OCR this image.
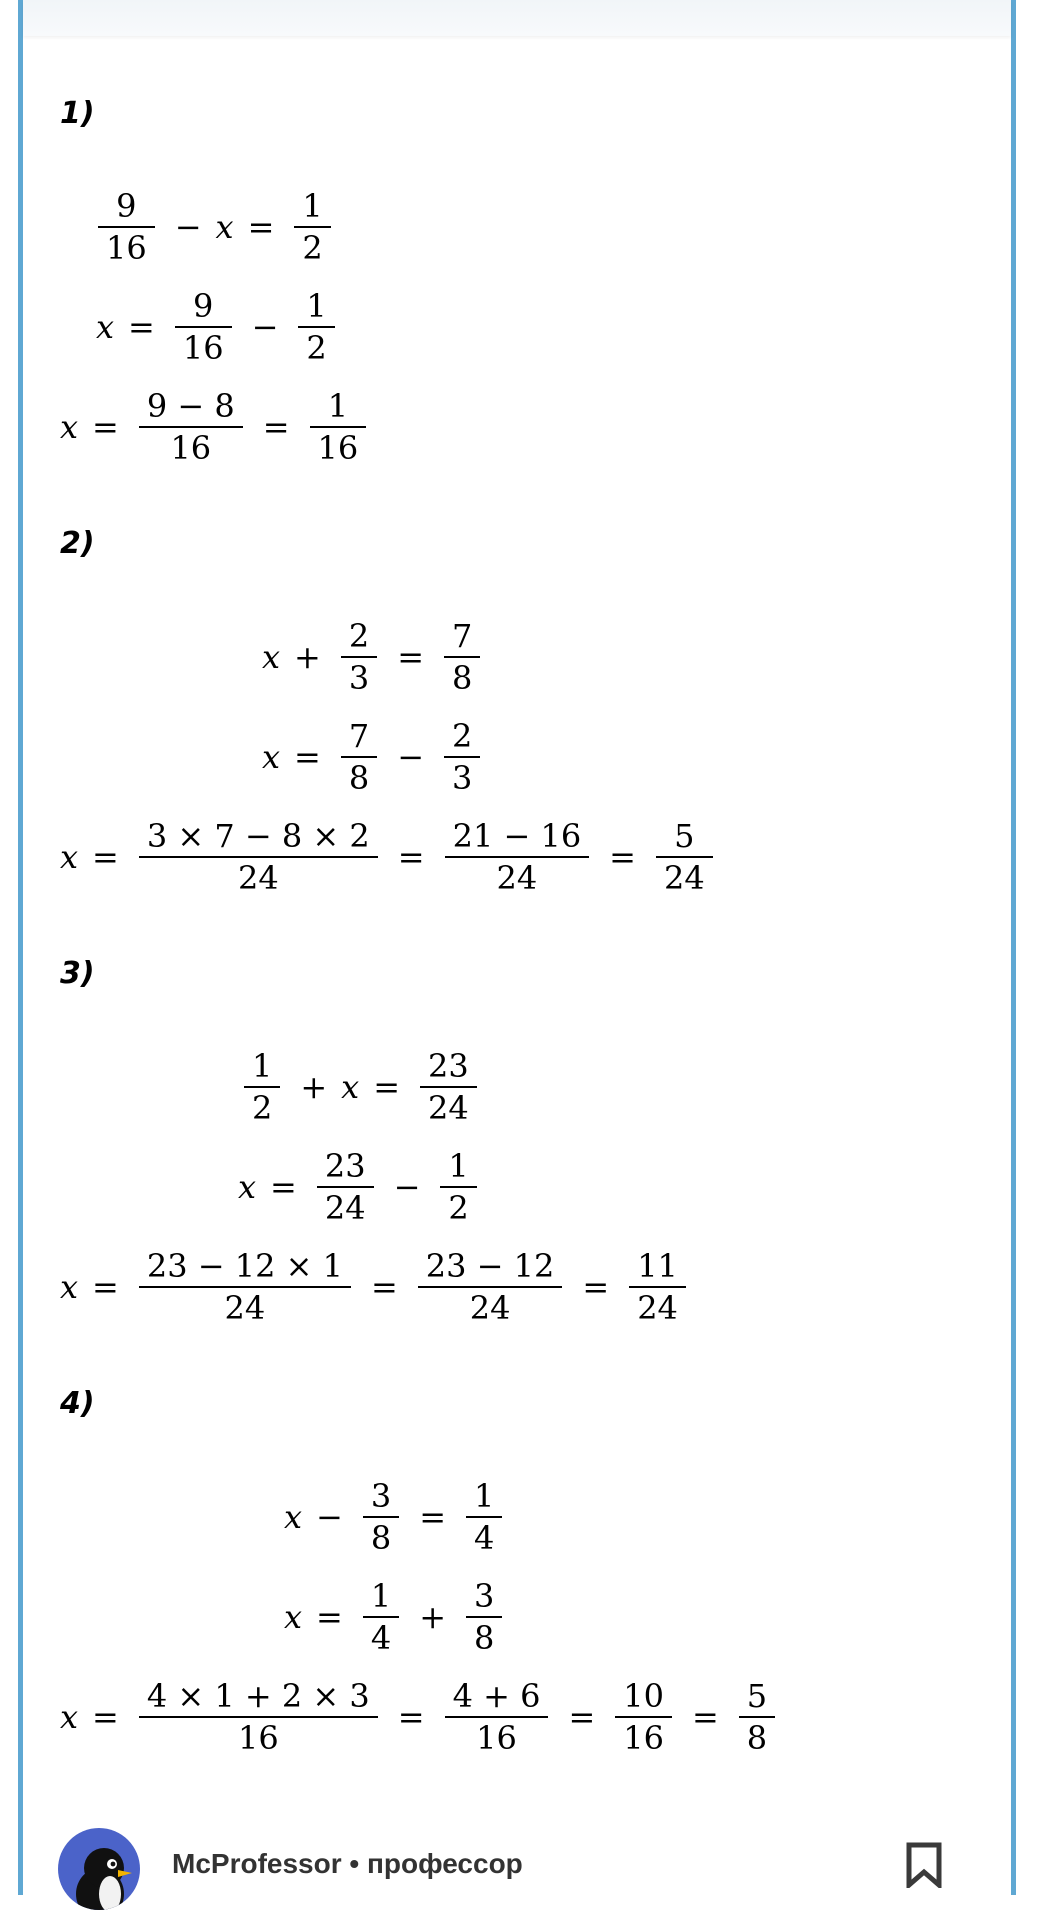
1)
$\frac{9}{16} - x = \frac{1}{2}$
$x = \frac{9}{16} - \frac{1}{2}$
$x = \frac{9 - 8}{16} = \frac{1}{16}$
2)
$x + \frac{2}{3} = \frac{7}{8}$
$x = \frac{7}{8} - \frac{2}{3}$
$x = \frac{3 \times 7 - 8 \times 2}{24} = \frac{21 - 16}{24} = \frac{5}{24}$
3)
$\frac{1}{2} + x = \frac{23}{24}$
$x = \frac{23}{24} - \frac{1}{2}$
$x = \frac{23 - 12 \times 1}{24} = \frac{23 - 12}{24} = \frac{11}{24}$
4)
$x - \frac{3}{8} = \frac{1}{4}$
$x = \frac{1}{4} + \frac{3}{8}$
$x = \frac{4 \times 1 + 2 \times 3}{16} = \frac{4 + 6}{16} = \frac{10}{16} = \frac{5}{8}$
McProfessor • профессор
